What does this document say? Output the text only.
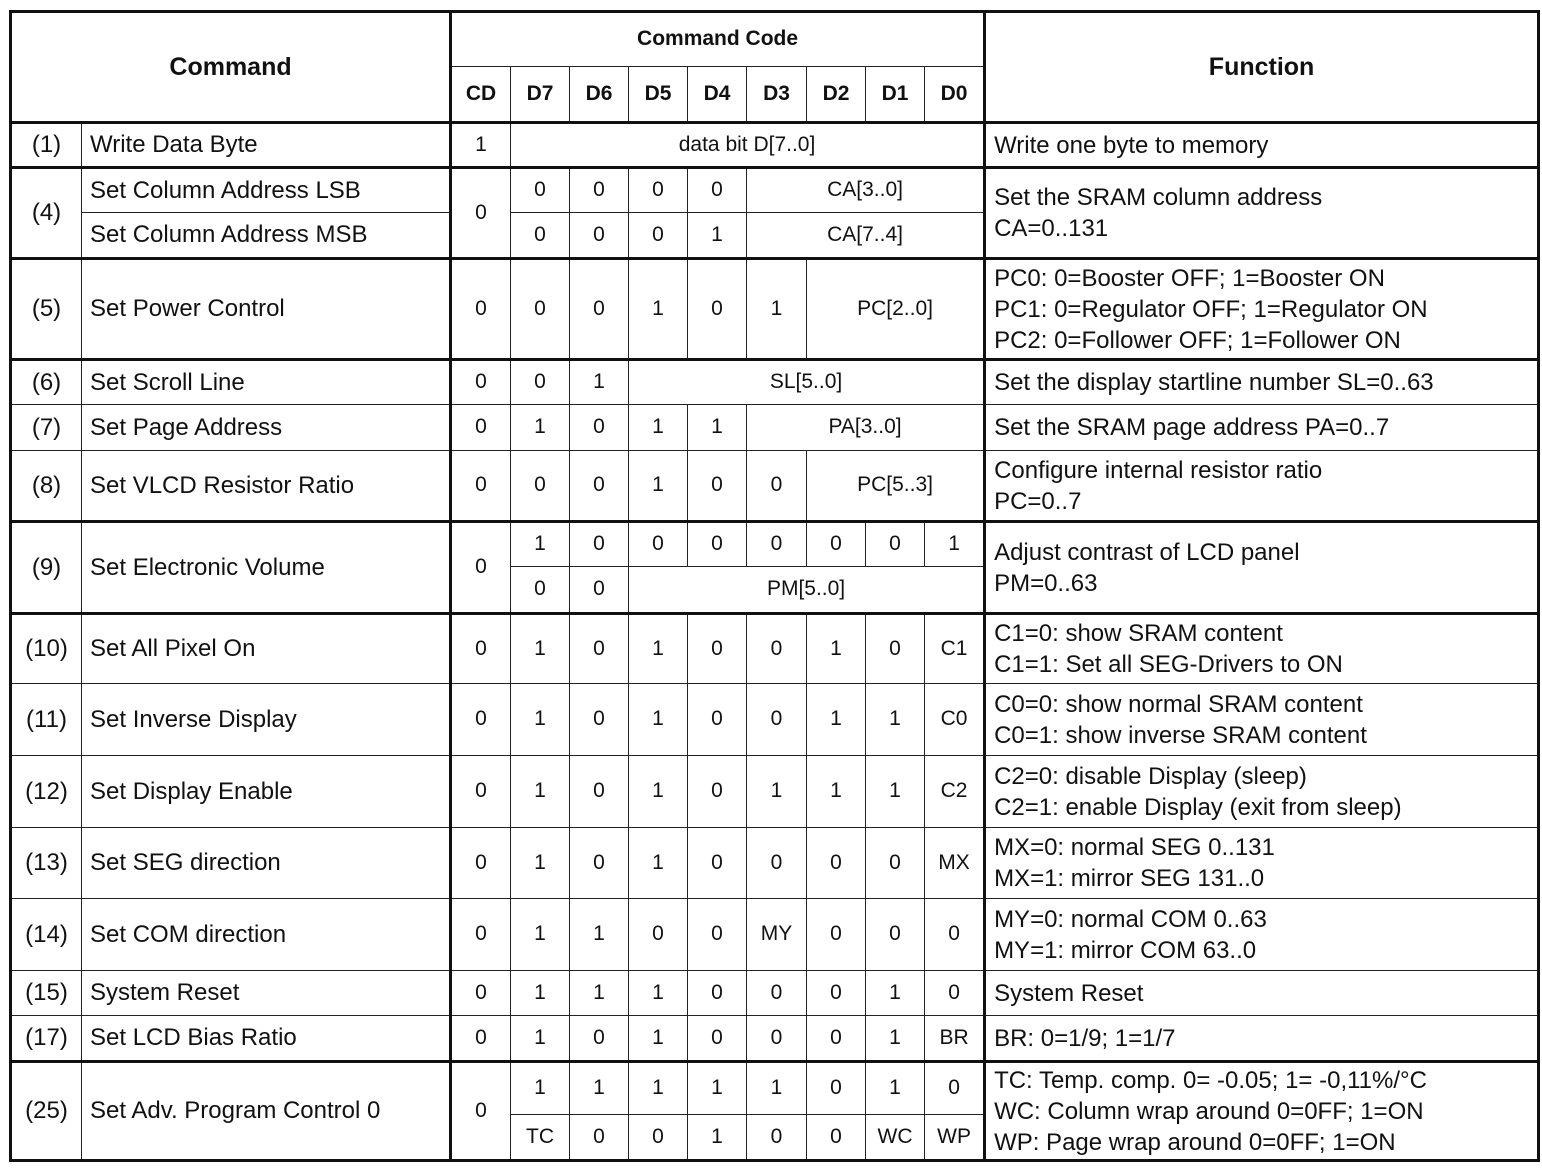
Command		Command Code									Function
		CD	D7	D6	D5	D4	D3	D2	D1	D0	
(1)	Write Data Byte	1	data bit D[7..0]								Write one byte to memory

(4)	Set Column Address LSB	0	0	0	0	0	CA[3..0]				Set the SRAM column address
CA=0..131

	Set Column Address MSB		0	0	0	1	CA[7..4]				
(5)	Set Power Control	0	0	0	1	0	1	PC[2..0]			PC0: 0=Booster OFF; 1=Booster ON
PC1: 0=Regulator OFF; 1=Regulator ON
PC2: 0=Follower OFF; 1=Follower ON

(6)	Set Scroll Line	0	0	1	SL[5..0]						Set the display startline number SL=0..63

(7)	Set Page Address	0	1	0	1	1	PA[3..0]				Set the SRAM page address PA=0..7

(8)	Set VLCD Resistor Ratio	0	0	0	1	0	0	PC[5..3]			Configure internal resistor ratio
PC=0..7

(9)	Set Electronic Volume	0	1	0	0	0	0	0	0	1	Adjust contrast of LCD panel
PM=0..63

			0	0	PM[5..0]						
(10)	Set All Pixel On	0	1	0	1	0	0	1	0	C1	C1=0: show SRAM content
C1=1: Set all SEG-Drivers to ON

(11)	Set Inverse Display	0	1	0	1	0	0	1	1	C0	C0=0: show normal SRAM content
C0=1: show inverse SRAM content

(12)	Set Display Enable	0	1	0	1	0	1	1	1	C2	C2=0: disable Display (sleep)
C2=1: enable Display (exit from sleep)

(13)	Set SEG direction	0	1	0	1	0	0	0	0	MX	MX=0: normal SEG 0..131
MX=1: mirror SEG 131..0

(14)	Set COM direction	0	1	1	0	0	MY	0	0	0	MY=0: normal COM 0..63
MY=1: mirror COM 63..0

(15)	System Reset	0	1	1	1	0	0	0	1	0	System Reset

(17)	Set LCD Bias Ratio	0	1	0	1	0	0	0	1	BR	BR: 0=1/9; 1=1/7

(25)	Set Adv. Program Control 0	0	1	1	1	1	1	0	1	0	TC: Temp. comp. 0= -0.05; 1= -0,11%/°C
WC: Column wrap around 0=0FF; 1=ON
WP: Page wrap around 0=0FF; 1=ON

			TC	0	0	1	0	0	WC	WP	
